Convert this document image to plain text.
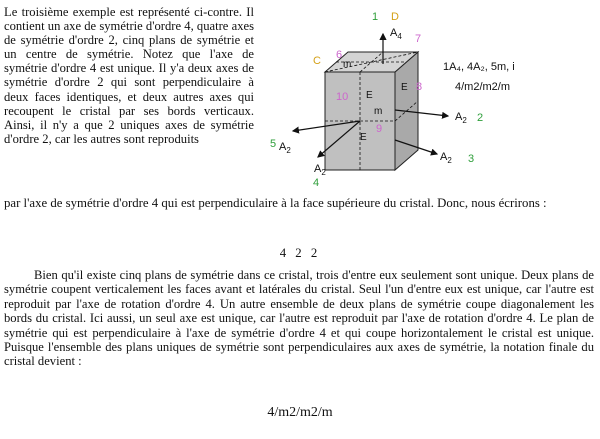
Le troisième exemple est représenté ci-contre. Il contient un axe de symétrie d'ordre 4, quatre axes de symétrie d'ordre 2, cinq plans de symétrie et un centre de symétrie. Notez que l'axe de symétrie d'ordre 4 est unique. Il y'a deux axes de symétrie d'ordre 2 qui sont perpendiculaire à deux faces identiques, et deux autres axes qui recoupent le cristal par ses bords verticaux. Ainsi, il n'y a que 2 uniques axes de symétrie d'ordre 2, car les autres sont reproduits

par l'axe de symétrie d'ordre 4 qui est perpendiculaire à la face supérieure du cristal. Donc, nous écrirons :

4 2 2

Bien qu'il existe cinq plans de symétrie dans ce cristal, trois d'entre eux seulement sont unique. Deux plans de symétrie coupent verticalement les faces avant et latérales du cristal. Seul l'un d'entre eux est unique, car l'autre est reproduit par l'axe de rotation d'ordre 4. Un autre ensemble de deux plans de symétrie coupe diagonalement les bords du cristal. Ici aussi, un seul axe est unique, car l'autre est reproduit par l'axe de rotation d'ordre 4. Le plan de symétrie qui est perpendiculaire à l'axe de symétrie d'ordre 4 et qui coupe horizontalement le cristal est unique. Puisque l'ensemble des plans uniques de symétrie sont perpendiculaires aux axes de symétrie, la notation finale du cristal devient :

4/m2/m2/m

m
m
E
E
E
$A_4$
$A_2$
$A_2$
$A_2$
$A_2$
1 D
7
6
C
10
9
8
5
4
2
3
1A₄, 4A₂, 5m, i
4/m2/m2/m
